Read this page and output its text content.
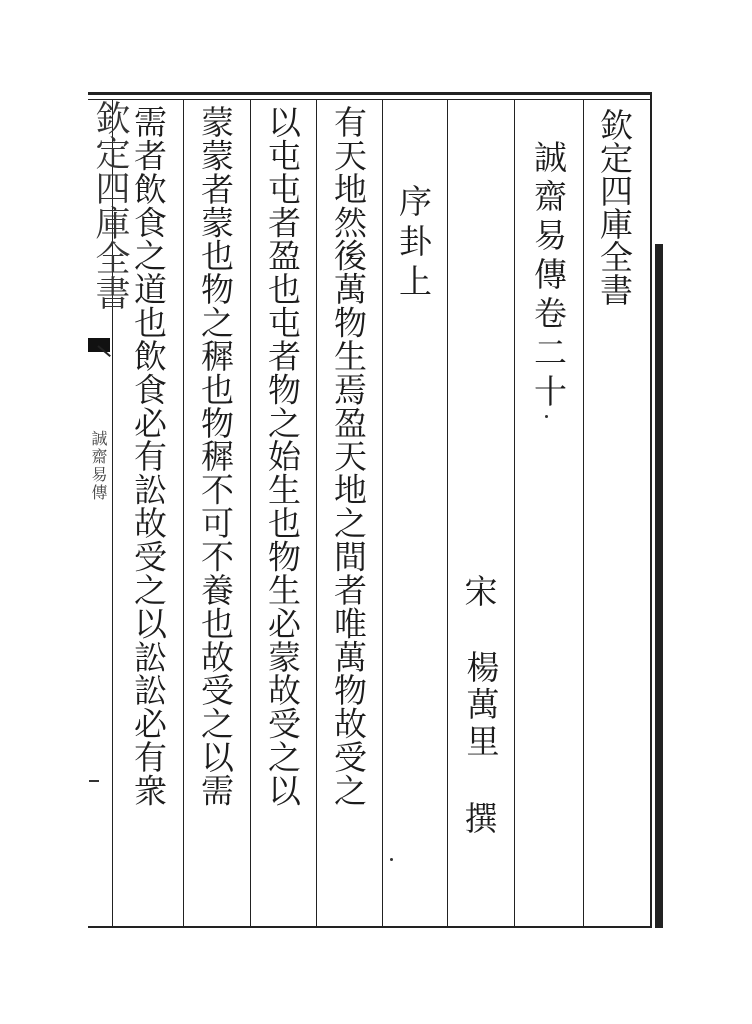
欽定四庫全書
誠齋易傳
欽定四庫全書
誠齋易傳卷二十
宋
楊萬里
撰
序卦上
有天地然後萬物生焉盈天地之間者唯萬物故受之
以屯屯者盈也屯者物之始生也物生必蒙故受之以
蒙蒙者蒙也物之穉也物穉不可不養也故受之以需
需者飲食之道也飲食必有訟故受之以訟訟必有衆
